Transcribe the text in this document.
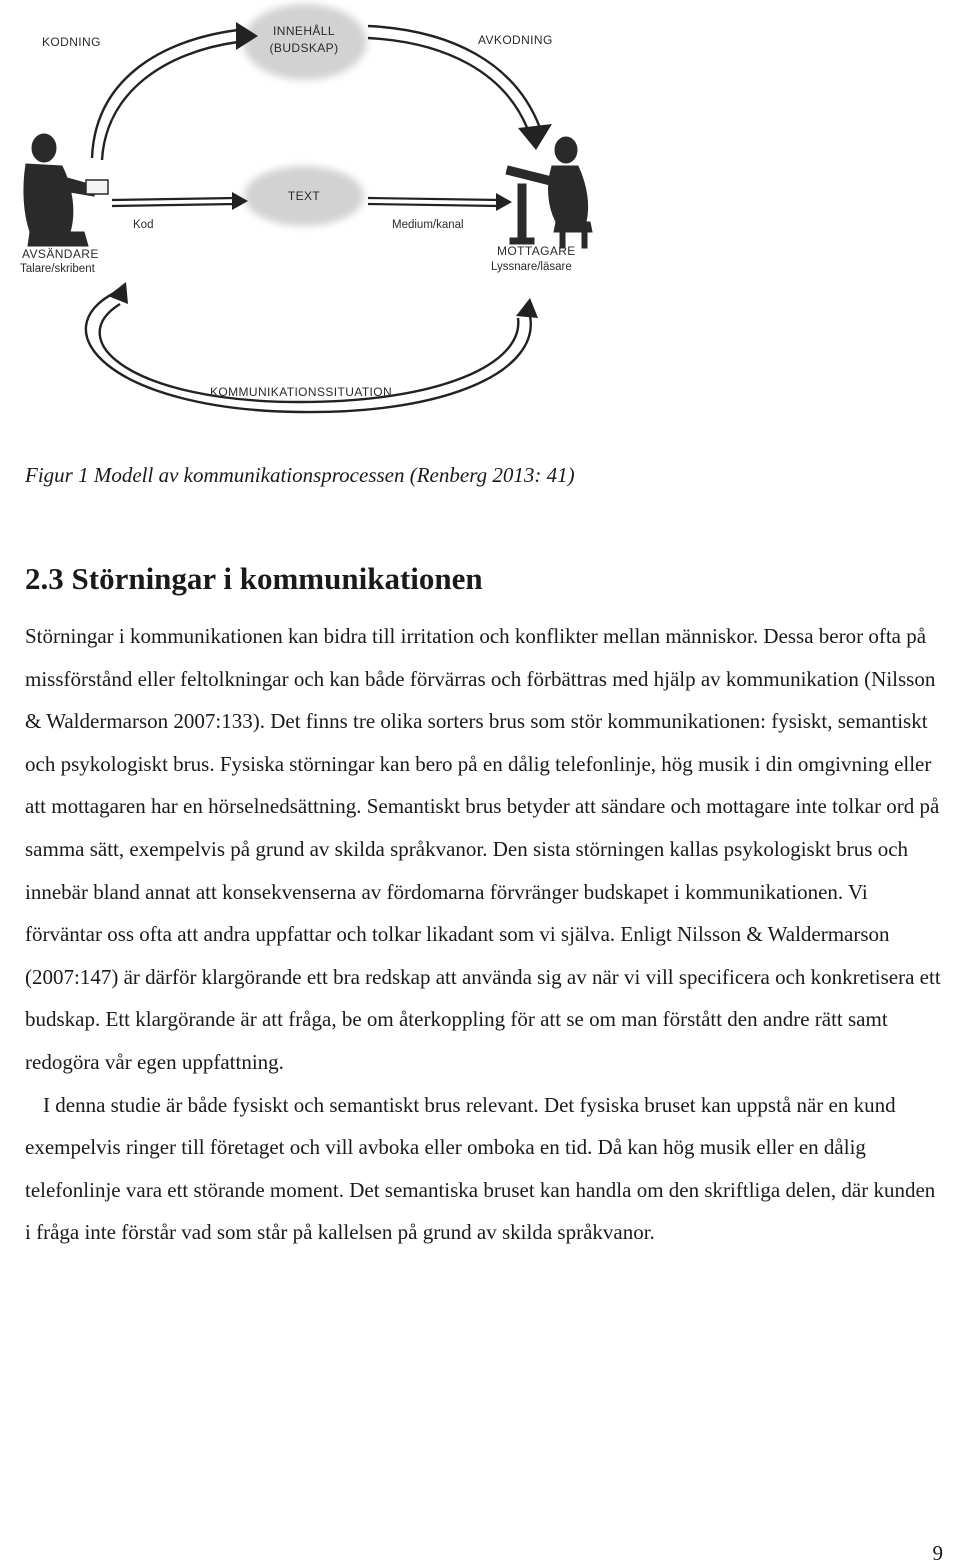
KODNING
INNEHÅLL
(BUDSKAP)
AVKODNING
TEXT
Kod	Medium/kanal
AVSÄNDARE
Talare/skribent
MOTTAGARE
Lyssnare/läsare
KOMMUNIKATIONSSITUATION

Figur 1 Modell av kommunikationsprocessen (Renberg 2013: 41)

2.3 Störningar i kommunikationen

Störningar i kommunikationen kan bidra till irritation och konflikter mellan människor. Dessa beror ofta på missförstånd eller feltolkningar och kan både förvärras och förbättras med hjälp av kommunikation (Nilsson & Waldermarson 2007:133). Det finns tre olika sorters brus som stör kommunikationen: fysiskt, semantiskt och psykologiskt brus. Fysiska störningar kan bero på en dålig telefonlinje, hög musik i din omgivning eller att mottagaren har en hörselnedsättning. Semantiskt brus betyder att sändare och mottagare inte tolkar ord på samma sätt, exempelvis på grund av skilda språkvanor. Den sista störningen kallas psykologiskt brus och innebär bland annat att konsekvenserna av fördomarna förvränger budskapet i kommunikationen. Vi förväntar oss ofta att andra uppfattar och tolkar likadant som vi själva. Enligt Nilsson & Waldermarson (2007:147) är därför klargörande ett bra redskap att använda sig av när vi vill specificera och konkretisera ett budskap. Ett klargörande är att fråga, be om återkoppling för att se om man förstått den andre rätt samt redogöra vår egen uppfattning.

I denna studie är både fysiskt och semantiskt brus relevant. Det fysiska bruset kan uppstå när en kund exempelvis ringer till företaget och vill avboka eller omboka en tid. Då kan hög musik eller en dålig telefonlinje vara ett störande moment. Det semantiska bruset kan handla om den skriftliga delen, där kunden i fråga inte förstår vad som står på kallelsen på grund av skilda språkvanor.

9
